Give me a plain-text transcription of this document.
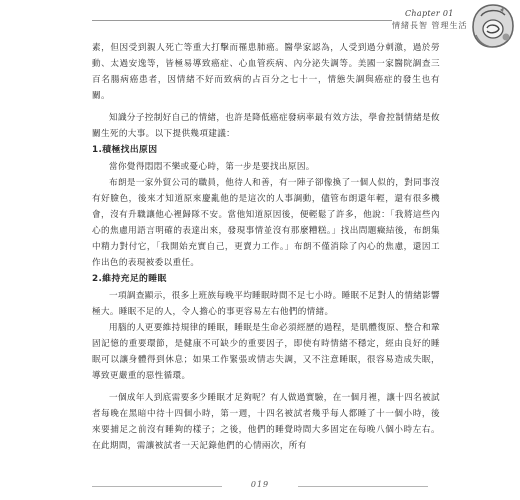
Chapter 01
情緒長智 管理生活

素，但因受到親人死亡等重大打擊而罹患肺癌。醫學家認為，人受到過分刺激，過於勞動、太過安逸等，皆極易導致癌症、心血管疾病、內分泌失調等。美國一家醫院調查三百名腸病癌患者，因情緒不好而致病的占百分之七十一，情態失調與癌症的發生也有關。

知識分子控制好自己的情緒，也許是降低癌症發病率最有效方法，學會控制情緒是攸關生死的大事。以下提供幾項建議：

1.積極找出原因

當你覺得悶悶不樂或憂心時，第一步是要找出原因。

布朗是一家外貿公司的職員，他待人和善，有一陣子卻像換了一個人似的，對同事沒有好臉色，後來才知道原來慶亂他的是這次的人事調動，儘管布朗還年輕，還有很多機會，沒有升職讓他心裡歸隊不安。當他知道原因後，便輕鬆了許多，他說：「我將這些內心的焦慮用語言明確的表達出來，發現事情並沒有那麼糟糕。」找出問題癥結後，布朗集中精力對付它，「我開始充實自己，更賣力工作。」布朗不僅消除了內心的焦慮，還因工作出色的表現被委以重任。

2.維持充足的睡眠

一項調查顯示，很多上班族每晚平均睡眠時間不足七小時。睡眠不足對人的情緒影響極大。睡眠不足的人，令人擔心的事更容易左右他們的情緒。

用腦的人更要維持規律的睡眠，睡眠是生命必須經歷的過程，是肌體復原、整合和鞏固記憶的重要環節，是健康不可缺少的重要因子，即使有時情緒不穩定，經由良好的睡眠可以讓身體得到休息；如果工作緊張或情志失調，又不注意睡眠，很容易造成失眠，導致更嚴重的惡性循環。

一個成年人到底需要多少睡眠才足夠呢？有人做過實驗，在一個月裡，讓十四名被試者每晚在黑暗中待十四個小時，第一週，十四名被試者幾乎每人都睡了十一個小時，後來要捕足之前沒有睡夠的樣子；之後，他們的睡覺時間大多固定在每晚八個小時左右。在此期間，需讓被試者一天記錄他們的心情兩次，所有

019
